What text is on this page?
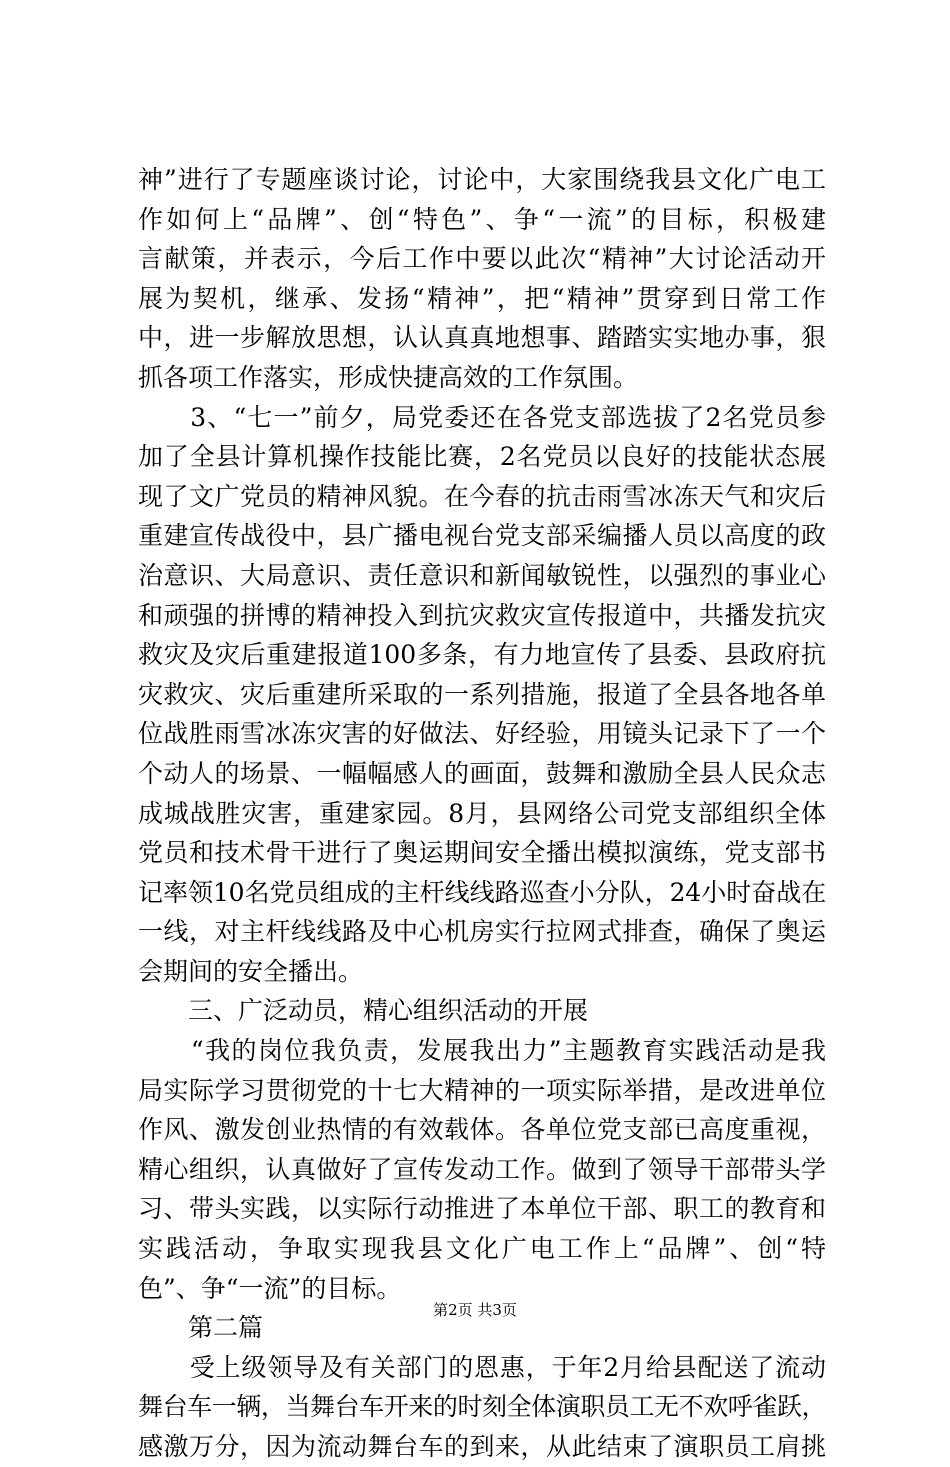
神”进行了专题座谈讨论，讨论中，大家围绕我县文化广电工
作如何上“品牌”、创“特色”、争“一流”的目标，积极建
言献策，并表示，今后工作中要以此次“精神”大讨论活动开
展为契机，继承、发扬“精神”，把“精神”贯穿到日常工作
中，进一步解放思想，认认真真地想事、踏踏实实地办事，狠
抓各项工作落实，形成快捷高效的工作氛围。
　　3、“七一”前夕，局党委还在各党支部选拔了2名党员参
加了全县计算机操作技能比赛，2名党员以良好的技能状态展
现了文广党员的精神风貌。在今春的抗击雨雪冰冻天气和灾后
重建宣传战役中，县广播电视台党支部采编播人员以高度的政
治意识、大局意识、责任意识和新闻敏锐性，以强烈的事业心
和顽强的拼博的精神投入到抗灾救灾宣传报道中，共播发抗灾
救灾及灾后重建报道100多条，有力地宣传了县委、县政府抗
灾救灾、灾后重建所采取的一系列措施，报道了全县各地各单
位战胜雨雪冰冻灾害的好做法、好经验，用镜头记录下了一个
个动人的场景、一幅幅感人的画面，鼓舞和激励全县人民众志
成城战胜灾害，重建家园。8月，县网络公司党支部组织全体
党员和技术骨干进行了奥运期间安全播出模拟演练，党支部书
记率领10名党员组成的主杆线线路巡查小分队，24小时奋战在
一线，对主杆线线路及中心机房实行拉网式排查，确保了奥运
会期间的安全播出。
　　三、广泛动员，精心组织活动的开展
　　“我的岗位我负责，发展我出力”主题教育实践活动是我
局实际学习贯彻党的十七大精神的一项实际举措，是改进单位
作风、激发创业热情的有效载体。各单位党支部已高度重视，
精心组织，认真做好了宣传发动工作。做到了领导干部带头学
习、带头实践，以实际行动推进了本单位干部、职工的教育和
实践活动，争取实现我县文化广电工作上“品牌”、创“特
色”、争“一流”的目标。
　　第二篇
　　受上级领导及有关部门的恩惠，于年2月给县配送了流动
舞台车一辆，当舞台车开来的时刻全体演职员工无不欢呼雀跃，
感激万分，因为流动舞台车的到来，从此结束了演职员工肩挑
第2页 共3页
